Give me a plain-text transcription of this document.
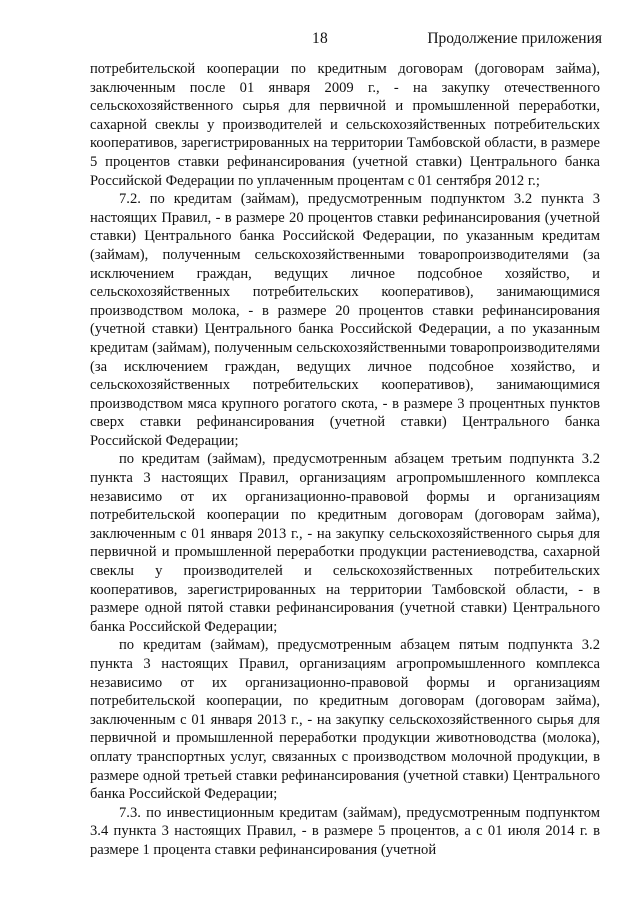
18	Продолжение приложения

потребительской кооперации по кредитным договорам (договорам займа), заключенным после 01 января 2009 г., - на закупку отечественного сельскохозяйственного сырья для первичной и промышленной переработки, сахарной свеклы у производителей и сельскохозяйственных потребительских кооперативов, зарегистрированных на территории Тамбовской области, в размере 5 процентов ставки рефинансирования (учетной ставки) Центрального банка Российской Федерации по уплаченным процентам с 01 сентября 2012 г.;

7.2. по кредитам (займам), предусмотренным подпунктом 3.2 пункта 3 настоящих Правил, - в размере 20 процентов ставки рефинансирования (учетной ставки) Центрального банка Российской Федерации, по указанным кредитам (займам), полученным сельскохозяйственными товаропроизводителями (за исключением граждан, ведущих личное подсобное хозяйство, и сельскохозяйственных потребительских кооперативов), занимающимися производством молока, - в размере 20 процентов ставки рефинансирования (учетной ставки) Центрального банка Российской Федерации, а по указанным кредитам (займам), полученным сельскохозяйственными товаропроизводителями (за исключением граждан, ведущих личное подсобное хозяйство, и сельскохозяйственных потребительских кооперативов), занимающимися производством мяса крупного рогатого скота, - в размере 3 процентных пунктов сверх ставки рефинансирования (учетной ставки) Центрального банка Российской Федерации;

по кредитам (займам), предусмотренным абзацем третьим подпункта 3.2 пункта 3 настоящих Правил, организациям агропромышленного комплекса независимо от их организационно-правовой формы и организациям потребительской кооперации по кредитным договорам (договорам займа), заключенным с 01 января 2013 г., - на закупку сельскохозяйственного сырья для первичной и промышленной переработки продукции растениеводства, сахарной свеклы у производителей и сельскохозяйственных потребительских кооперативов, зарегистрированных на территории Тамбовской области, - в размере одной пятой ставки рефинансирования (учетной ставки) Центрального банка Российской Федерации;

по кредитам (займам), предусмотренным абзацем пятым подпункта 3.2 пункта 3 настоящих Правил, организациям агропромышленного комплекса независимо от их организационно-правовой формы и организациям потребительской кооперации, по кредитным договорам (договорам займа), заключенным с 01 января 2013 г., - на закупку сельскохозяйственного сырья для первичной и промышленной переработки продукции животноводства (молока), оплату транспортных услуг, связанных с производством молочной продукции, в размере одной третьей ставки рефинансирования (учетной ставки) Центрального банка Российской Федерации;

7.3. по инвестиционным кредитам (займам), предусмотренным подпунктом 3.4 пункта 3 настоящих Правил, - в размере 5 процентов, а с 01 июля 2014 г. в размере 1 процента ставки рефинансирования (учетной
